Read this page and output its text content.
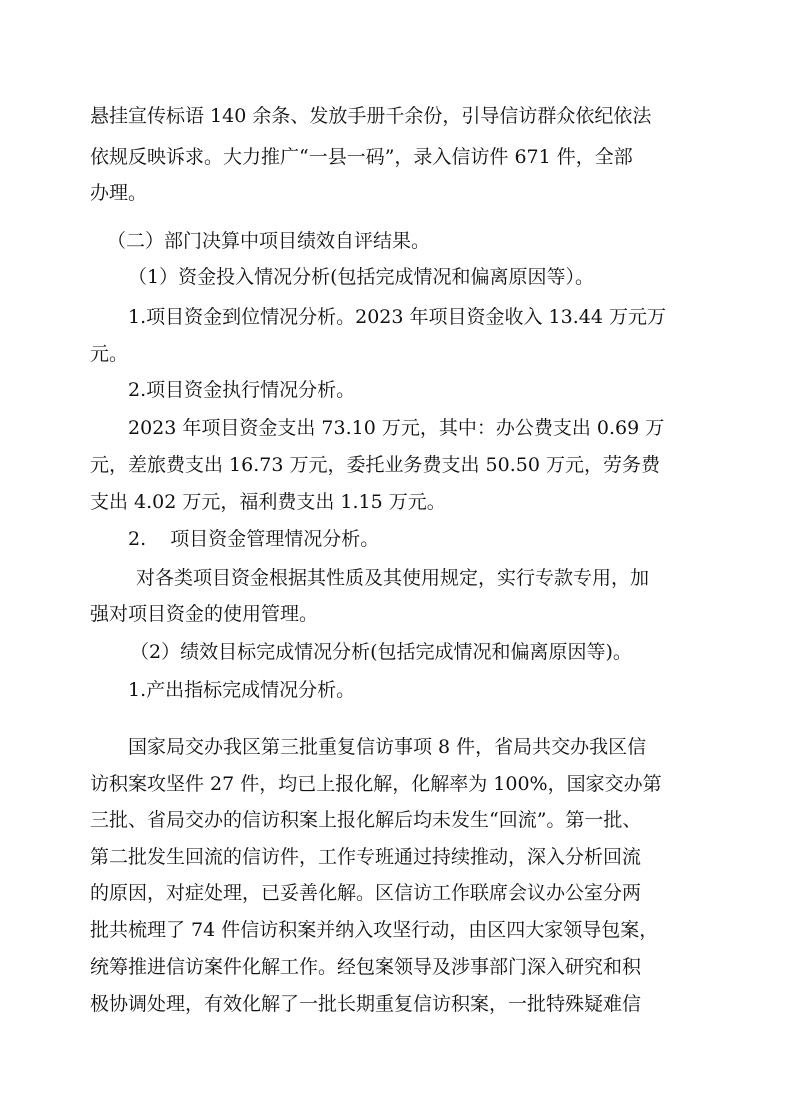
悬挂宣传标语 140 余条、发放手册千余份，引导信访群众依纪依法
依规反映诉求。大力推广“一县一码”，录入信访件 671 件，全部
办理。
（二）部门决算中项目绩效自评结果。
（1）资金投入情况分析(包括完成情况和偏离原因等）。
1.项目资金到位情况分析。2023 年项目资金收入 13.44 万元万
元。
2.项目资金执行情况分析。
2023 年项目资金支出 73.10 万元，其中：办公费支出 0.69 万
元，差旅费支出 16.73 万元，委托业务费支出 50.50 万元，劳务费
支出 4.02 万元，福利费支出 1.15 万元。
2.    项目资金管理情况分析。
对各类项目资金根据其性质及其使用规定，实行专款专用，加
强对项目资金的使用管理。
（2）绩效目标完成情况分析(包括完成情况和偏离原因等)。
1.产出指标完成情况分析。
国家局交办我区第三批重复信访事项 8 件，省局共交办我区信
访积案攻坚件 27 件，均已上报化解，化解率为 100%，国家交办第
三批、省局交办的信访积案上报化解后均未发生“回流”。第一批、
第二批发生回流的信访件，工作专班通过持续推动，深入分析回流
的原因，对症处理，已妥善化解。区信访工作联席会议办公室分两
批共梳理了 74 件信访积案并纳入攻坚行动，由区四大家领导包案，
统筹推进信访案件化解工作。经包案领导及涉事部门深入研究和积
极协调处理，有效化解了一批长期重复信访积案，一批特殊疑难信
